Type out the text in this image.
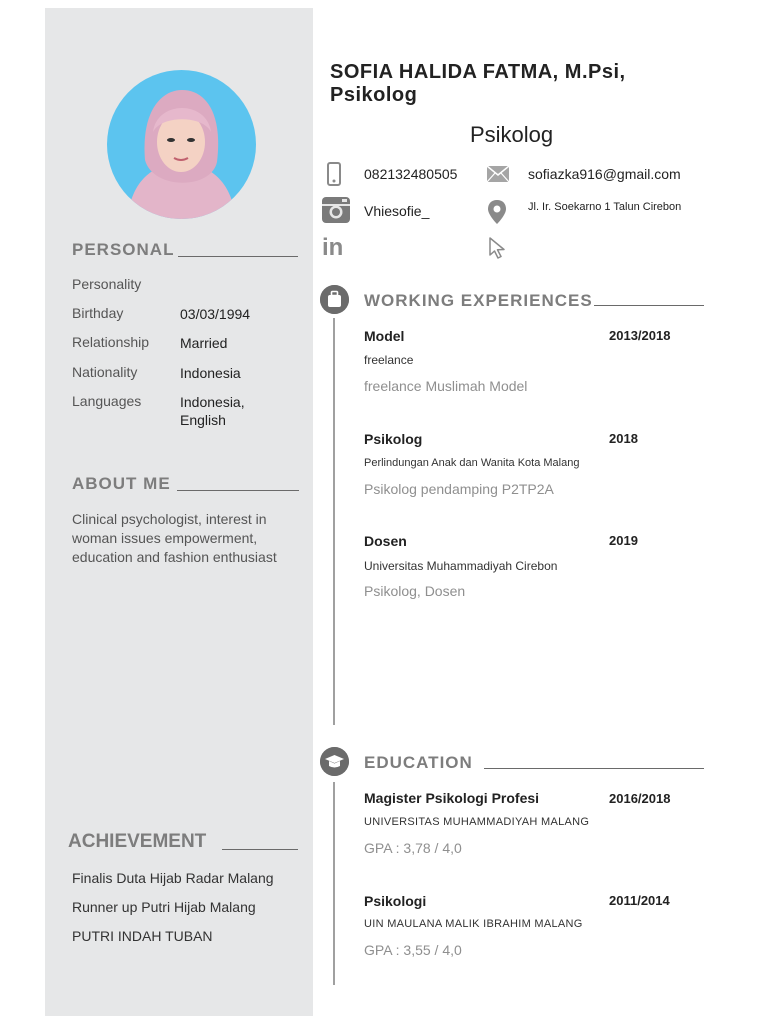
PERSONAL
Personality
Birthday	03/03/1994
Relationship Married
Nationality	Indonesia
Languages	Indonesia,
English
ABOUT ME
Clinical psychologist, interest in woman issues empowerment, education and fashion enthusiast
ACHIEVEMENT
Finalis Duta Hijab Radar Malang
Runner up Putri Hijab Malang
PUTRI INDAH TUBAN
SOFIA HALIDA FATMA, M.Psi,
Psikolog
Psikolog
082132480505	sofiazka916@gmail.com
Vhiesofie_	Jl. Ir. Soekarno 1 Talun Cirebon
in
WORKING EXPERIENCES
Model	2013/2018
freelance
freelance Muslimah Model
Psikolog	2018
Perlindungan Anak dan Wanita Kota Malang
Psikolog pendamping P2TP2A
Dosen	2019
Universitas Muhammadiyah Cirebon
Psikolog, Dosen
EDUCATION
Magister Psikologi Profesi	2016/2018
UNIVERSITAS MUHAMMADIYAH MALANG
GPA : 3,78 / 4,0
Psikologi	2011/2014
UIN MAULANA MALIK IBRAHIM MALANG
GPA : 3,55 / 4,0
